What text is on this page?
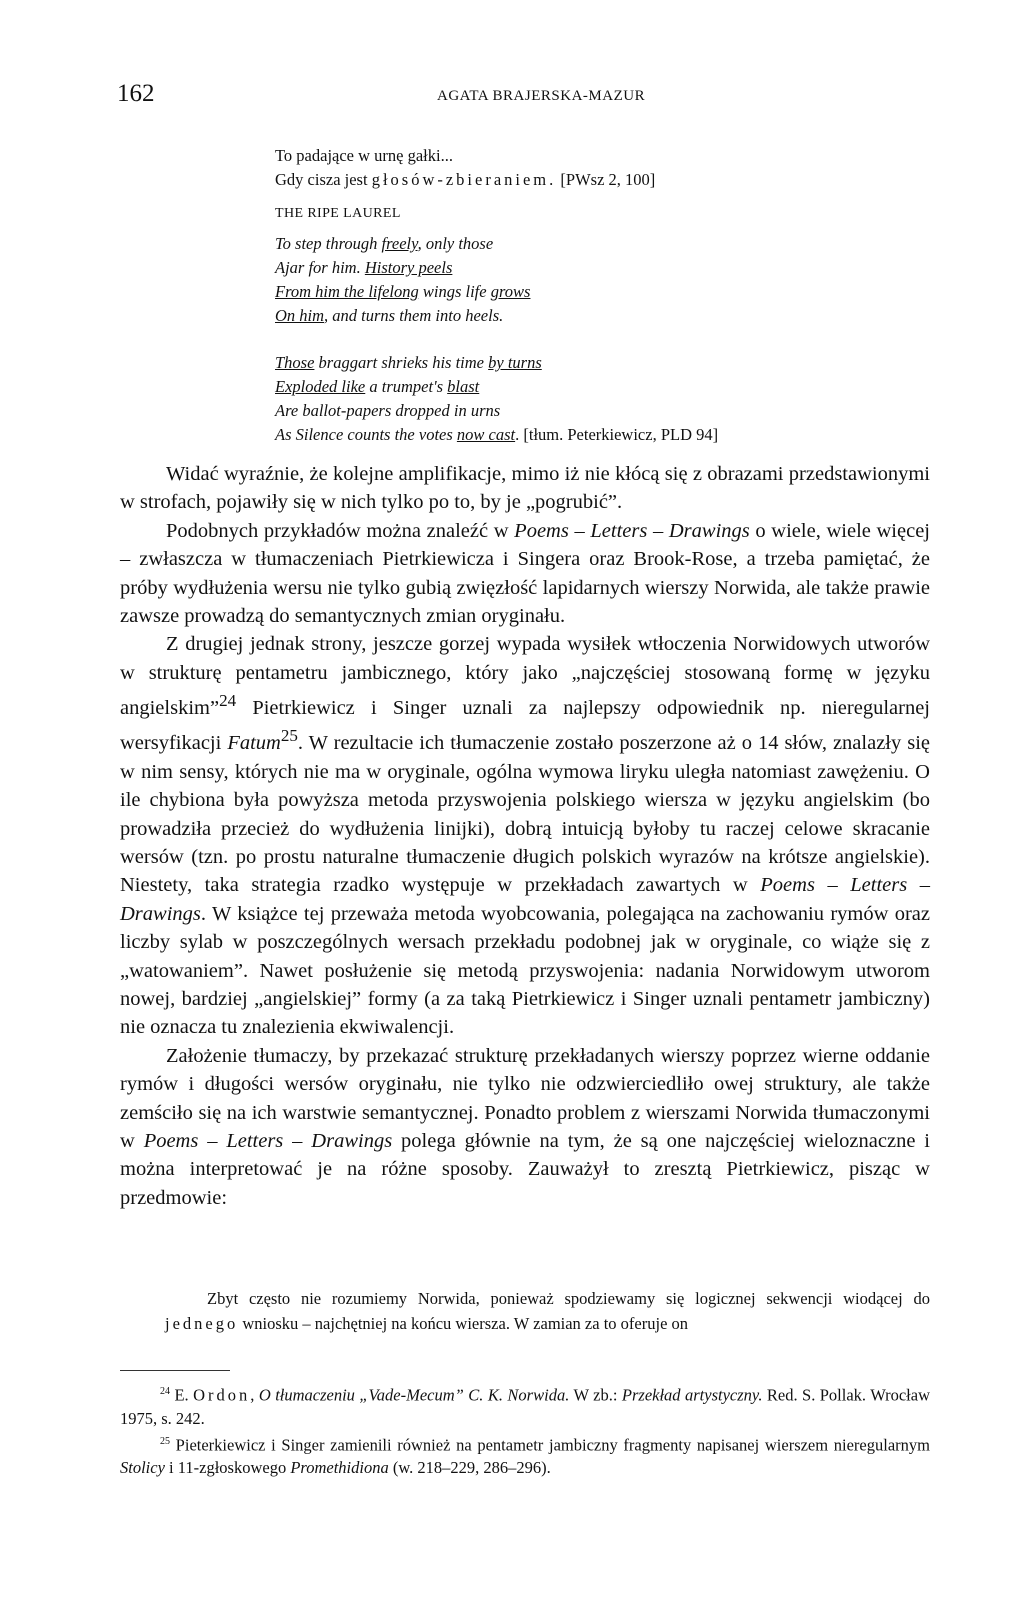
162	AGATA BRAJERSKA-MAZUR
To padające w urnę gałki...
Gdy cisza jest głosów-zbieraniem. [PWsz 2, 100]
THE RIPE LAUREL
To step through freely, only those
Ajar for him. History peels
From him the lifelong wings life grows
On him, and turns them into heels.
Those braggart shrieks his time by turns
Exploded like a trumpet's blast
Are ballot-papers dropped in urns
As Silence counts the votes now cast. [tłum. Peterkiewicz, PLD 94]

Widać wyraźnie, że kolejne amplifikacje, mimo iż nie kłócą się z obrazami przedstawionymi w strofach, pojawiły się w nich tylko po to, by je „pogrubić”.

Podobnych przykładów można znaleźć w Poems – Letters – Drawings o wiele, wiele więcej – zwłaszcza w tłumaczeniach Pietrkiewicza i Singera oraz Brook-Rose, a trzeba pamiętać, że próby wydłużenia wersu nie tylko gubią zwięzłość lapidarnych wierszy Norwida, ale także prawie zawsze prowadzą do semantycznych zmian oryginału.

Z drugiej jednak strony, jeszcze gorzej wypada wysiłek wtłoczenia Norwidowych utworów w strukturę pentametru jambicznego, który jako „najczęściej stosowaną formę w języku angielskim”$^{24}$ Pietrkiewicz i Singer uznali za najlepszy odpowiednik np. nieregularnej wersyfikacji Fatum$^{25}$. W rezultacie ich tłumaczenie zostało poszerzone aż o 14 słów, znalazły się w nim sensy, których nie ma w oryginale, ogólna wymowa liryku uległa natomiast zawężeniu. O ile chybiona była powyższa metoda przyswojenia polskiego wiersza w języku angielskim (bo prowadziła przecież do wydłużenia linijki), dobrą intuicją byłoby tu raczej celowe skracanie wersów (tzn. po prostu naturalne tłumaczenie długich polskich wyrazów na krótsze angielskie). Niestety, taka strategia rzadko występuje w przekładach zawartych w Poems – Letters – Drawings. W książce tej przeważa metoda wyobcowania, polegająca na zachowaniu rymów oraz liczby sylab w poszczególnych wersach przekładu podobnej jak w oryginale, co wiąże się z „watowaniem”. Nawet posłużenie się metodą przyswojenia: nadania Norwidowym utworom nowej, bardziej „angielskiej” formy (a za taką Pietrkiewicz i Singer uznali pentametr jambiczny) nie oznacza tu znalezienia ekwiwalencji.

Założenie tłumaczy, by przekazać strukturę przekładanych wierszy poprzez wierne oddanie rymów i długości wersów oryginału, nie tylko nie odzwierciedliło owej struktury, ale także zemściło się na ich warstwie semantycznej. Ponadto problem z wierszami Norwida tłumaczonymi w Poems – Letters – Drawings polega głównie na tym, że są one najczęściej wieloznaczne i można interpretować je na różne sposoby. Zauważył to zresztą Pietrkiewicz, pisząc w przedmowie:

Zbyt często nie rozumiemy Norwida, ponieważ spodziewamy się logicznej sekwencji wiodącej do jednego wniosku – najchętniej na końcu wiersza. W zamian za to oferuje on

$^{24}$ E. Ordon, O tłumaczeniu „Vade-Mecum” C. K. Norwida. W zb.: Przekład artystyczny. Red. S. Pollak. Wrocław 1975, s. 242.

$^{25}$ Pieterkiewicz i Singer zamienili również na pentametr jambiczny fragmenty napisanej wierszem nieregularnym Stolicy i 11-zgłoskowego Promethidiona (w. 218–229, 286–296).
